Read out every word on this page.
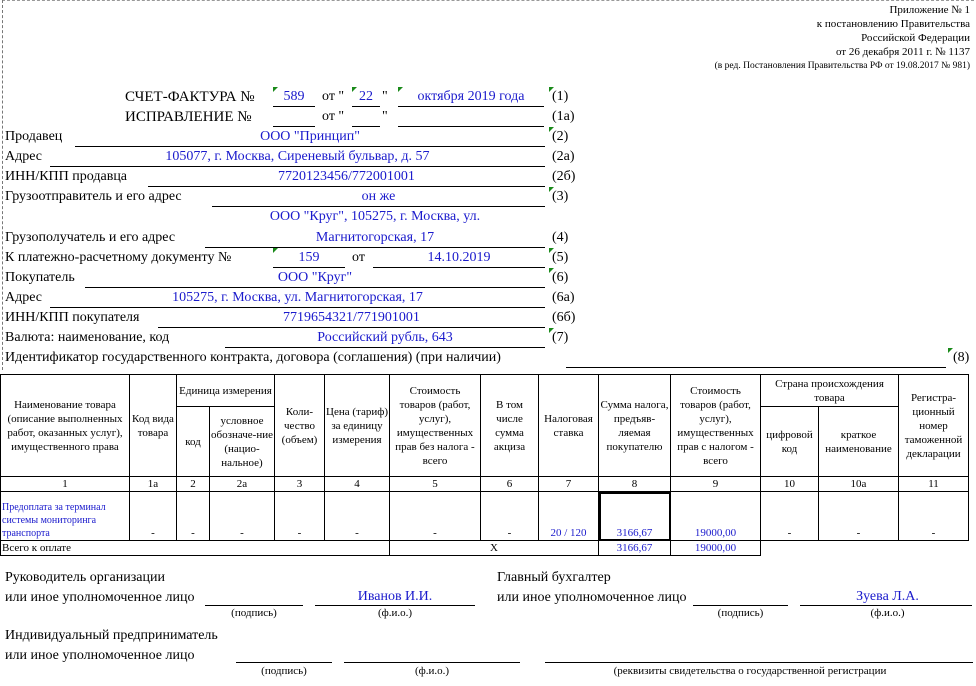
Приложение № 1
к постановлению Правительства
Российской Федерации
от 26 декабря 2011 г. № 1137
(в ред. Постановления Правительства РФ от 19.08.2017 № 981)
СЧЕТ-ФАКТУРА №	589	от "	22 "	октября 2019 года	(1)
ИСПРАВЛЕНИЕ №	от "	"	(1а)
Продавец	ООО "Принцип"	(2)
Адрес	105077, г. Москва, Сиреневый бульвар, д. 57	(2а)
ИНН/КПП продавца	7720123456/772001001	(2б)
Грузоотправитель и его адрес	он же	(3)
ООО "Круг", 105275, г. Москва, ул.
Грузополучатель и его адрес	Магнитогорская, 17	(4)
К платежно-расчетному документу №	159	от	14.10.2019	(5)
Покупатель	ООО "Круг"	(6)
Адрес	105275, г. Москва, ул. Магнитогорская, 17	(6а)
ИНН/КПП покупателя	7719654321/771901001	(6б)
Валюта: наименование, код	Российский рубль, 643	(7)
Идентификатор государственного контракта, договора (соглашения) (при наличии)	(8)
Наименование товара (описание выполненных работ, оказанных услуг), имущественного права	Код вида товара	Единица измерения		Коли-чество (объем)	Цена (тариф) за единицу измерения	Стоимость товаров (работ, услуг), имущественных прав без налога - всего	В том числе сумма акциза	Налоговая ставка	Сумма налога, предъяв-ляемая покупателю	Стоимость товаров (работ, услуг), имущественных прав с налогом - всего	Страна происхождения товара		Регистра-ционный номер таможенной декларации
		код	условное обозначе-ние (нацио-нальное)								цифровой код	краткое наименование	
1	1а	2	2а	3	4	5	6	7	8	9	10	10а	11
Предоплата за терминал системы мониторинга транспорта	-	-	-	-	-	-	-	20 / 120	3166,67	19000,00	-	-	-
Всего к оплате						X			3166,67	19000,00			
Руководитель организации
или иное уполномоченное лицо
(подпись)
Иванов И.И.
(ф.и.о.)
Главный бухгалтер
или иное уполномоченное лицо
(подпись)
Зуева Л.А.
(ф.и.о.)
Индивидуальный предприниматель
или иное уполномоченное лицо
(подпись)	(ф.и.о.)	(реквизиты свидетельства о государственной регистрации
